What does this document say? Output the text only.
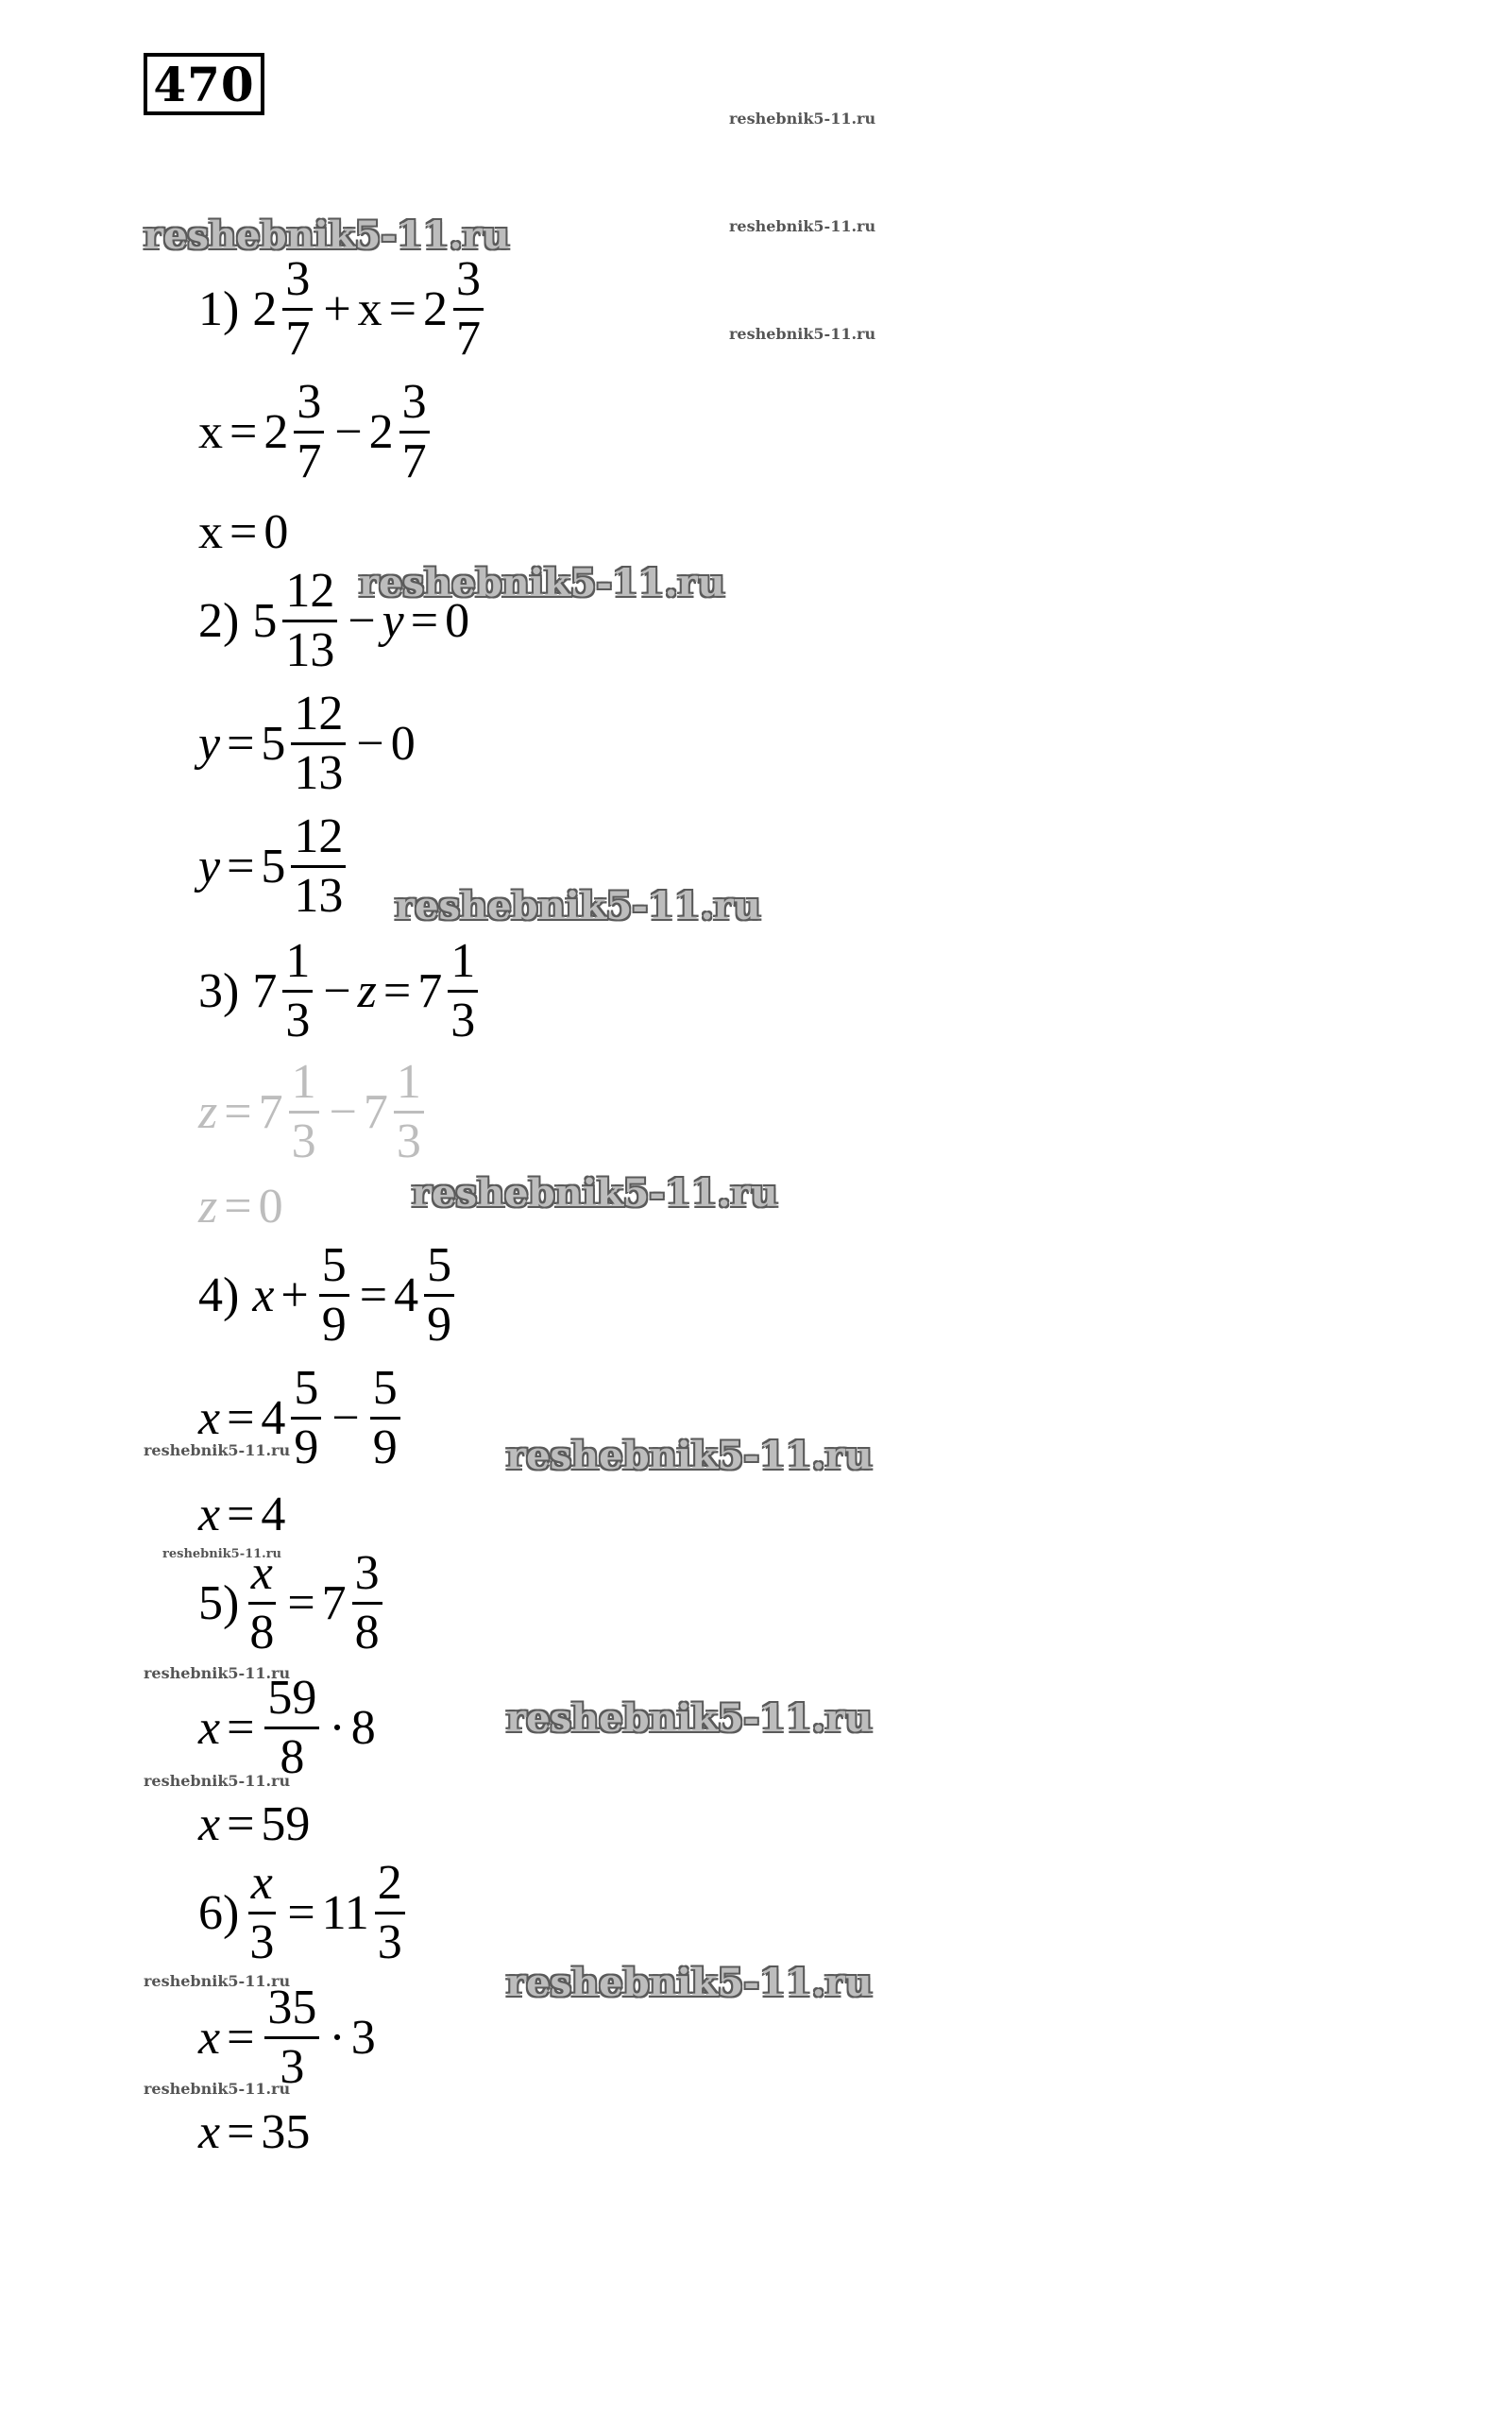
470
reshebnik5-11.ru
reshebnik5-11.ru
reshebnik5-11.ru
reshebnik5-11.ru
reshebnik5-11.ru
reshebnik5-11.ru
reshebnik5-11.ru
reshebnik5-11.ru
reshebnik5-11.ru
reshebnik5-11.ru
reshebnik5-11.ru
reshebnik5-11.ru
reshebnik5-11.ru
reshebnik5-11.ru
reshebnik5-11.ru
reshebnik5-11.ru
1) $2 \frac{3}{7} + x = 2 \frac{3}{7}$
$x = 2 \frac{3}{7} - 2 \frac{3}{7}$
x = 0
2) $5 \frac{12}{13} - y = 0$
$y = 5 \frac{12}{13} - 0$
$y = 5 \frac{12}{13}$
3) $7 \frac{1}{3} - z = 7 \frac{1}{3}$
$z = 7 \frac{1}{3} - 7 \frac{1}{3}$
z = 0
4) $x + \frac{5}{9} = 4 \frac{5}{9}$
$x = 4 \frac{5}{9} - \frac{5}{9}$
x = 4
$5) \frac{x}{8} = 7 \frac{3}{8}$
$x = \frac{59}{8} \cdot 8$
x = 59
$6) \frac{x}{3} = 11 \frac{2}{3}$
$x = \frac{35}{3} \cdot 3$
x = 35
